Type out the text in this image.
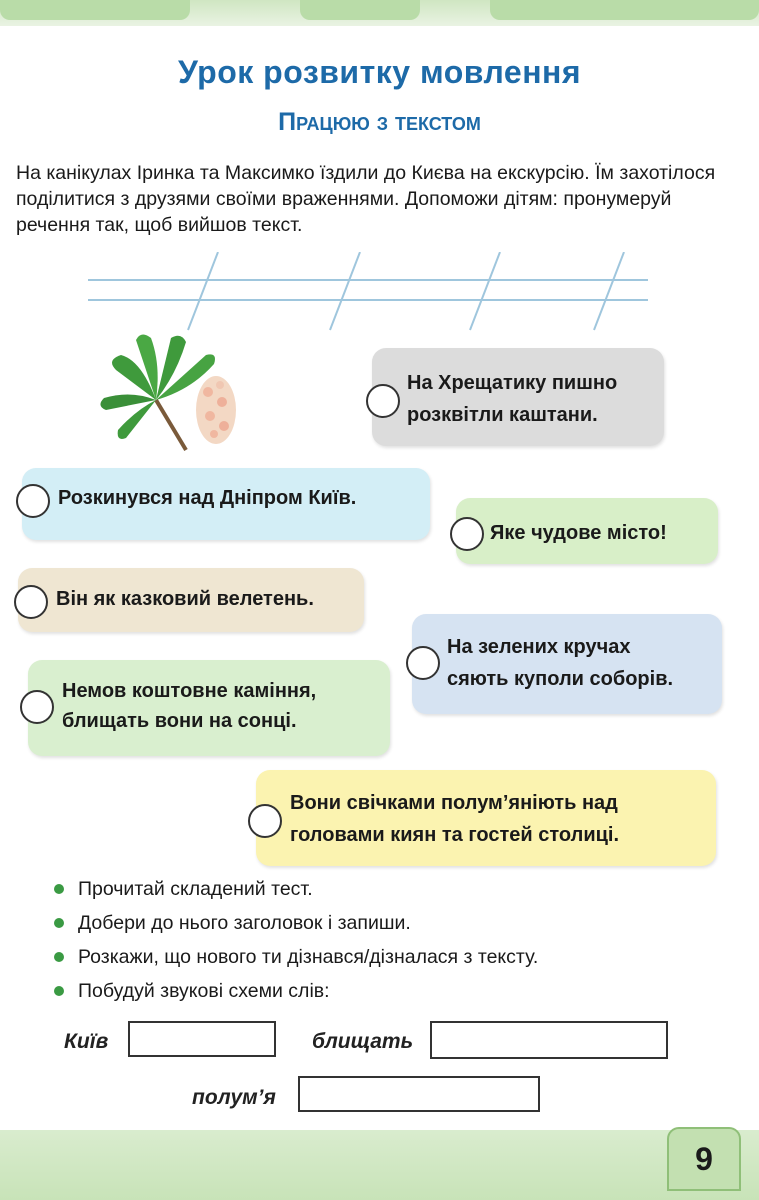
Урок розвитку мовлення
Працюю з текстом
На канікулах Іринка та Максимко їздили до Києва на екскурсію. Їм захотілося поділитися з друзями своїми враженнями. Допоможи дітям: пронумеруй речення так, щоб вийшов текст.
На Хрещатику пишно
розквітли каштани.
Розкинувся над Дніпром Київ.
Яке чудове місто!
Він як казковий велетень.
На зелених кручах
сяють куполи соборів.
Немов коштовне каміння,
блищать вони на сонці.
Вони свічками полум’яніють над
головами киян та гостей столиці.
Прочитай складений тест.
Добери до нього заголовок і запиши.
Розкажи, що нового ти дізнався/дізналася з тексту.
Побудуй звукові схеми слів:
Київ	блищать
полум’я
9
